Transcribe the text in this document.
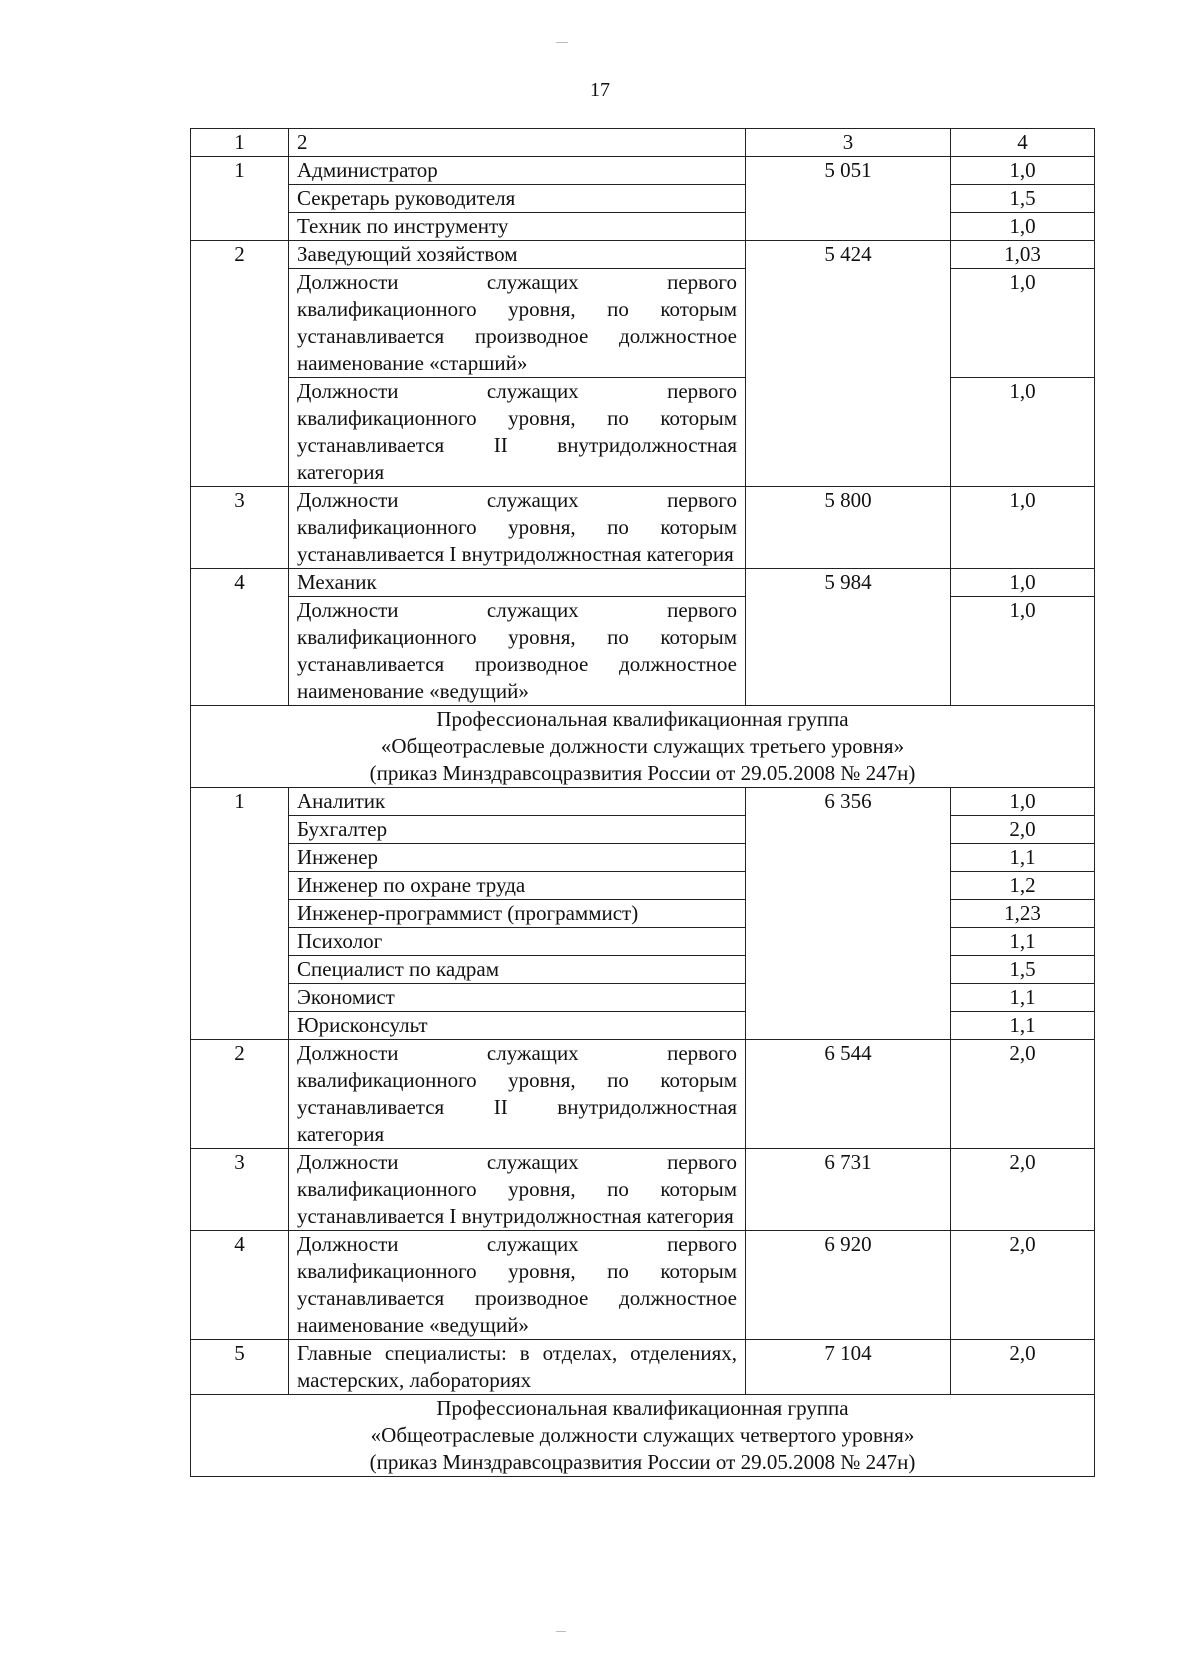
17
1	2	3	4
1	Администратор	5 051	1,0
	Секретарь руководителя		1,5
	Техник по инструменту		1,0
2	Заведующий хозяйством	5 424	1,03
	Должности служащих первого квалификационного уровня, по которым устанавливается производное должностное наименование «старший»		1,0
	Должности служащих первого квалификационного уровня, по которым устанавливается II внутридолжностная категория		1,0
3	Должности служащих первого квалификационного уровня, по которым устанавливается I внутридолжностная категория	5 800	1,0
4	Механик	5 984	1,0
	Должности служащих первого квалификационного уровня, по которым устанавливается производное должностное наименование «ведущий»		1,0

Профессиональная квалификационная группа
«Общеотраслевые должности служащих третьего уровня»
(приказ Минздравсоцразвития России от 29.05.2008 № 247н)			

1	Аналитик	6 356	1,0
	Бухгалтер		2,0
	Инженер		1,1
	Инженер по охране труда		1,2
	Инженер-программист (программист)		1,23
	Психолог		1,1
	Специалист по кадрам		1,5
	Экономист		1,1
	Юрисконсульт		1,1
2	Должности служащих первого квалификационного уровня, по которым устанавливается II внутридолжностная категория	6 544	2,0
3	Должности служащих первого квалификационного уровня, по которым устанавливается I внутридолжностная категория	6 731	2,0
4	Должности служащих первого квалификационного уровня, по которым устанавливается производное должностное наименование «ведущий»	6 920	2,0
5	Главные специалисты: в отделах, отделениях, мастерских, лабораториях	7 104	2,0

Профессиональная квалификационная группа
«Общеотраслевые должности служащих четвертого уровня»
(приказ Минздравсоцразвития России от 29.05.2008 № 247н)			
